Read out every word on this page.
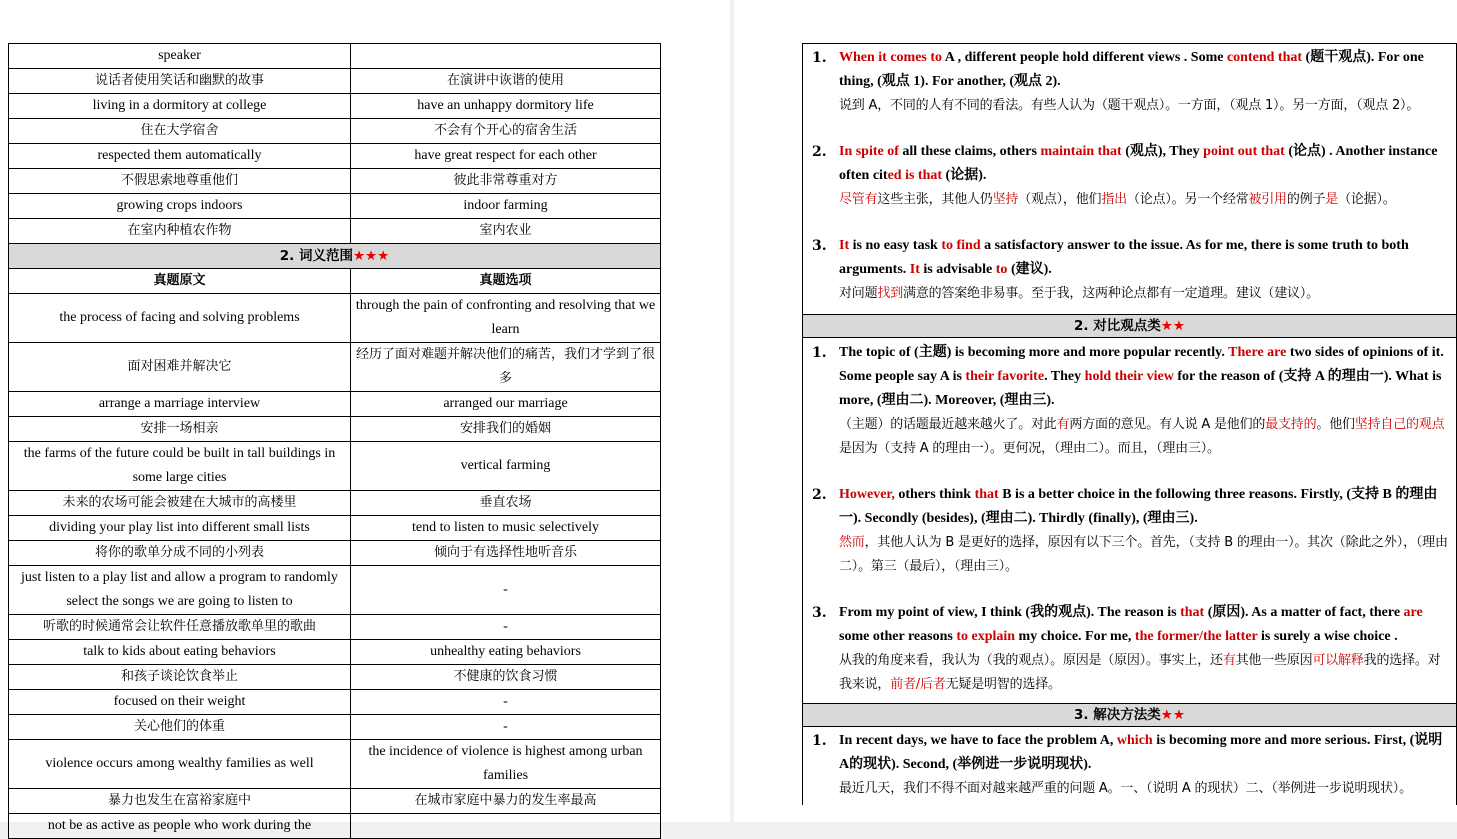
speaker	
说话者使用笑话和幽默的故事	在演讲中诙谐的使用
living in a dormitory at college	have an unhappy dormitory life
住在大学宿舍	不会有个开心的宿舍生活
respected them automatically	have great respect for each other
不假思索地尊重他们	彼此非常尊重对方
growing crops indoors	indoor farming
在室内种植农作物	室内农业
2. 词义范围★★★	
真题原文	真题选项
the process of facing and solving problems	through the pain of confronting and resolving that we learn
面对困难并解决它	经历了面对难题并解决他们的痛苦，我们才学到了很多
arrange a marriage interview	arranged our marriage
安排一场相亲	安排我们的婚姻
the farms of the future could be built in tall buildings in some large cities	vertical farming
未来的农场可能会被建在大城市的高楼里	垂直农场
dividing your play list into different small lists	tend to listen to music selectively
将你的歌单分成不同的小列表	倾向于有选择性地听音乐
just listen to a play list and allow a program to randomly select the songs we are going to listen to	-
听歌的时候通常会让软件任意播放歌单里的歌曲	-
talk to kids about eating behaviors	unhealthy eating behaviors
和孩子谈论饮食举止	不健康的饮食习惯
focused on their weight	-
关心他们的体重	-
violence occurs among wealthy families as well	the incidence of violence is highest among urban families
暴力也发生在富裕家庭中	在城市家庭中暴力的发生率最高
not be as active as people who work during the	
1. When it comes to A , different people hold different views . Some contend that (题干观点). For one thing, (观点 1). For another, (观点 2).
说到 A，不同的人有不同的看法。有些人认为（题干观点）。一方面，（观点 1）。另一方面，（观点 2）。
2. In spite of all these claims, others maintain that (观点), They point out that (论点) . Another instance often cited is that (论据).
尽管有这些主张，其他人仍坚持（观点），他们指出（论点）。另一个经常被引用的例子是（论据）。
3. It is no easy task to find a satisfactory answer to the issue. As for me, there is some truth to both arguments. It is advisable to (建议).
对问题找到满意的答案绝非易事。至于我，这两种论点都有一定道理。建议（建议）。
2. 对比观点类★★
1. The topic of (主题) is becoming more and more popular recently. There are two sides of opinions of it. Some people say A is their favorite. They hold their view for the reason of (支持 A 的理由一). What is more, (理由二). Moreover, (理由三).
（主题）的话题最近越来越火了。对此有两方面的意见。有人说 A 是他们的最支持的。他们坚持自己的观点是因为（支持 A 的理由一）。更何况，（理由二）。而且，（理由三）。
2. However, others think that B is a better choice in the following three reasons. Firstly, (支持 B 的理由一). Secondly (besides), (理由二). Thirdly (finally), (理由三).
然而，其他人认为 B 是更好的选择，原因有以下三个。首先，（支持 B 的理由一）。其次（除此之外），（理由二）。第三（最后），（理由三）。
3. From my point of view, I think (我的观点). The reason is that (原因). As a matter of fact, there are some other reasons to explain my choice. For me, the former/the latter is surely a wise choice .
从我的角度来看，我认为（我的观点）。原因是（原因）。事实上，还有其他一些原因可以解释我的选择。对我来说，前者/后者无疑是明智的选择。
3. 解决方法类★★
1. In recent days, we have to face the problem A, which is becoming more and more serious. First, (说明A的现状). Second, (举例进一步说明现状).
最近几天，我们不得不面对越来越严重的问题 A。一、（说明 A 的现状）二、（举例进一步说明现状）。
